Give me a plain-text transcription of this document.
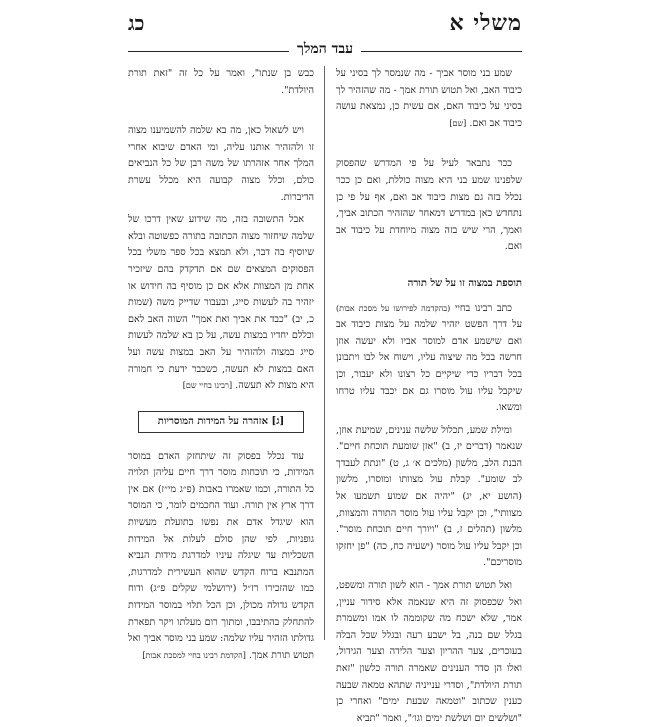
משלי א
כג
עבד המלך

שמע בני מוסר אביך - מה שנמסר לך בסיני על כיבוד האב, ואל תטוש תורת אמך - מה שהזהיר לך בסיני על כיבוד האם, אם עשית כן, נמצאת עושה כיבוד אב ואם. [שם]

ככר נתבאר לעיל על פי המדרש שהפסוק שלפנינו שמע בני היא מצוה כוללת, ואם כן ככר נכלל בזה גם מצות כיבוד אב ואם, אף על פי כן נתחדש כאן במדרש דמאחר שהזהיר הכתוב אביך, ואמך, הרי שיש בזה מצוה מיוחדת על כיבוד אב ואם.

תוספת במצוה זו על של תורה

כתב רבינו בחיי (בהקדמה לפירושו על מסכת אבות) על דרך הפשט יזהיר שלמה על מצות כיבוד אב ואם שישמע אדם למוסר אביו ולא יעשה אוזן חרשה בכל מה שיצוה עליו, וישוח אל לבו ויתבונן בכל דבריו כדי שיקיים כל רצונו ולא יעבור, וכן שיקבל עליו עול מוסרו גם אם יכבד עליו טרחו ומשאו.

ומילת שמע, תכלול שלשה ענינים, שמיעת אוזן, שנאמר (דברים יז, ב) "אזן שומעת תוכחת חיים". הבנת הלב, מלשון (מלכים א׳ ג, ט) "ונתת לעבדך לב שומע". קבלת עול מצוותו ומוסרו, מלשון (הושע יא, יג) "יהיה אם שמוע תשמעו אל מצוותי", וכן יקבל עליו עול מוסר התורה והמצוות, מלשון (תהלים ז, ב) "ויורך חיים תוכחת מוסר". וכן יקבל עליו עול מוסר (ישעיה כח, כה) "פן יחזקו מוסריכם".

ואל תטוש תורת אמך - הוא לשון תורה ומשפט, ואל שכפסוק זה היא שנאמה אלא סידור עניין, אמר, שלא ישכח מה שקוממה לו אמו ומשמרת בגלל שם בנה, בל ישבע רעה ובגלל שכל הבלה בעוכרים, צער ההריון וצער הלידה וצער הגידול, ואלו הן סדר הענינים שאמרה תורה כלשון "זאת תורת היולדת", וסדרי ענייניה שתהא טמאה שבעה כענין שכתוב "וטמאה שבעת ימים" ואחרי כן "ושלשים יום ושלשת ימים וגו׳", ואמר "תביא

כבש בן שנתו", ואמר על כל זה "זאת תורת היולדת".

ויש לשאול כאן, מה בא שלמה להשמיענו מצוה זו ולהזהיר אותנו עליה, ומי האדם שיבוא אחרי המלך אחר אזהרתו של משה רבן של כל הנביאים כולם, וכלל מצוה קבועה היא מכלל עשרת הדיברות.

אבל התשובה בזה, מה שידוע שאין דרכו של שלמה שיחזור מצוה הכתובה בתורה כפשוטה ובלא שיוסיף בה דבר, ולא תמצא בכל ספר משלי בכל הפסוקים המצאים שם אם תדקדק בהם שיזכיר אחת מן המצוות אלא אם כן מוסיף בה חידוש או יזהיר בה לעשות סייג, ובעבור שדייק משה (שמות כ, יב) "כבד את אביך ואת אמך" השוה האב לאם וכללם יחדיו במצות עשה, על כן בא שלמה לעשות סייג במצוה ולהזהיר על האב במצות עשה ועל האם במצות לא תעשה, כשכבר ידעת כי חמורה היא מצות לא תעשה. [רבינו בחיי שם]

[ג] אזהרה על המידות המוסריות

עוד נכלל בפסוק זה שיתחזק האדם במוסר המידות, כי תוכחות מוסר דרך חיים עליהן תלויה כל התורה, וכמו שאמרו באבות (פ״ג מי״ז) אם אין דרך ארץ אין תורה. ועוד החכמים לומר, כי המוסר הוא שיגדל אדם את נפשו בתועלת מעשיות גופניות, לפי שהן סולם לעלות אל המידות השכליות עד שיגלה עיניו למדרגת מידות הנביא המתנבא ברוח הקדש שהוא העשירית למדרגות, כמו שהזכירו רז״ל (ירושלמי שקלים פ״ג) ודוח הקדש גדולה מכולן, וכן הכל תלוי במוסר המידות להתחלק בהתיבבו, ומתוך רום מעלתו ויקר תפארת גדולתו הזהיר עליו שלמה: שמע בני מוסר אביך ואל תטוש תורת אמך. [הקדמת רבינו בחיי למסכת אבות]
